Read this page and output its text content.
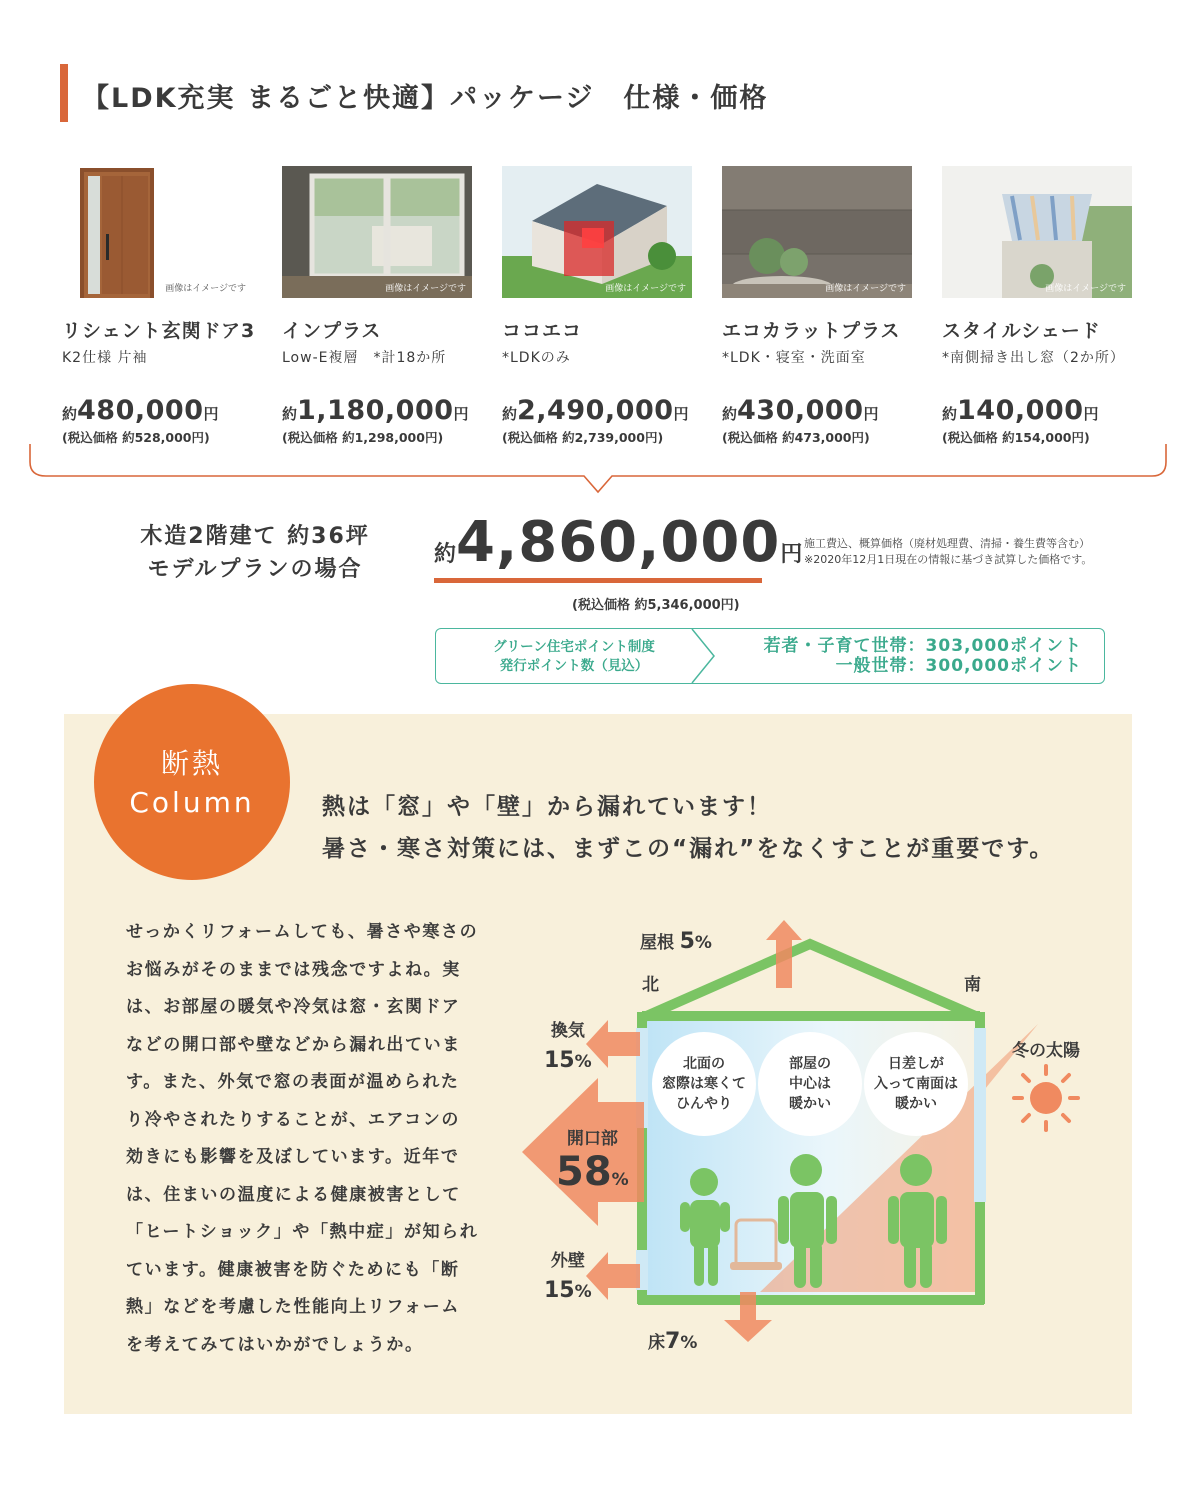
【LDK充実 まるごと快適】パッケージ　仕様・価格
画像はイメージです
リシェント玄関ドア3
K2仕様 片袖
約480,000円
(税込価格 約528,000円)
画像はイメージです
インプラス
Low-E複層　*計18か所
約1,180,000円
(税込価格 約1,298,000円)
画像はイメージです
ココエコ
*LDKのみ
約2,490,000円
(税込価格 約2,739,000円)
画像はイメージです
エコカラットプラス
*LDK・寝室・洗面室
約430,000円
(税込価格 約473,000円)
画像はイメージです
スタイルシェード
*南側掃き出し窓（2か所）
約140,000円
(税込価格 約154,000円)
木造2階建て 約36坪
モデルプランの場合
約4,860,000円
(税込価格 約5,346,000円)
施工費込、概算価格（廃材処理費、清掃・養生費等含む）
※2020年12月1日現在の情報に基づき試算した価格です。
グリーン住宅ポイント制度
発行ポイント数（見込）
若者・子育て世帯：303,000ポイント
一般世帯：300,000ポイント
断熱
Column	熱は「窓」や「壁」から漏れています！
暑さ・寒さ対策には、まずこの“漏れ”をなくすことが重要です。
せっかくリフォームしても、暑さや寒さの
お悩みがそのままでは残念ですよね。実
は、お部屋の暖気や冷気は窓・玄関ドア
などの開口部や壁などから漏れ出ていま
す。また、外気で窓の表面が温められた
り冷やされたりすることが、エアコンの
効きにも影響を及ぼしています。近年で
は、住まいの温度による健康被害として
「ヒートショック」や「熱中症」が知られ
ています。健康被害を防ぐためにも「断
熱」などを考慮した性能向上リフォーム
を考えてみてはいかがでしょうか。
北面の
窓際は寒くて
ひんやり
部屋の
中心は
暖かい
日差しが
入って南面は
暖かい
屋根 5%
北	南
冬の太陽
換気
15%
開口部
58%
外壁
15%
床7%
